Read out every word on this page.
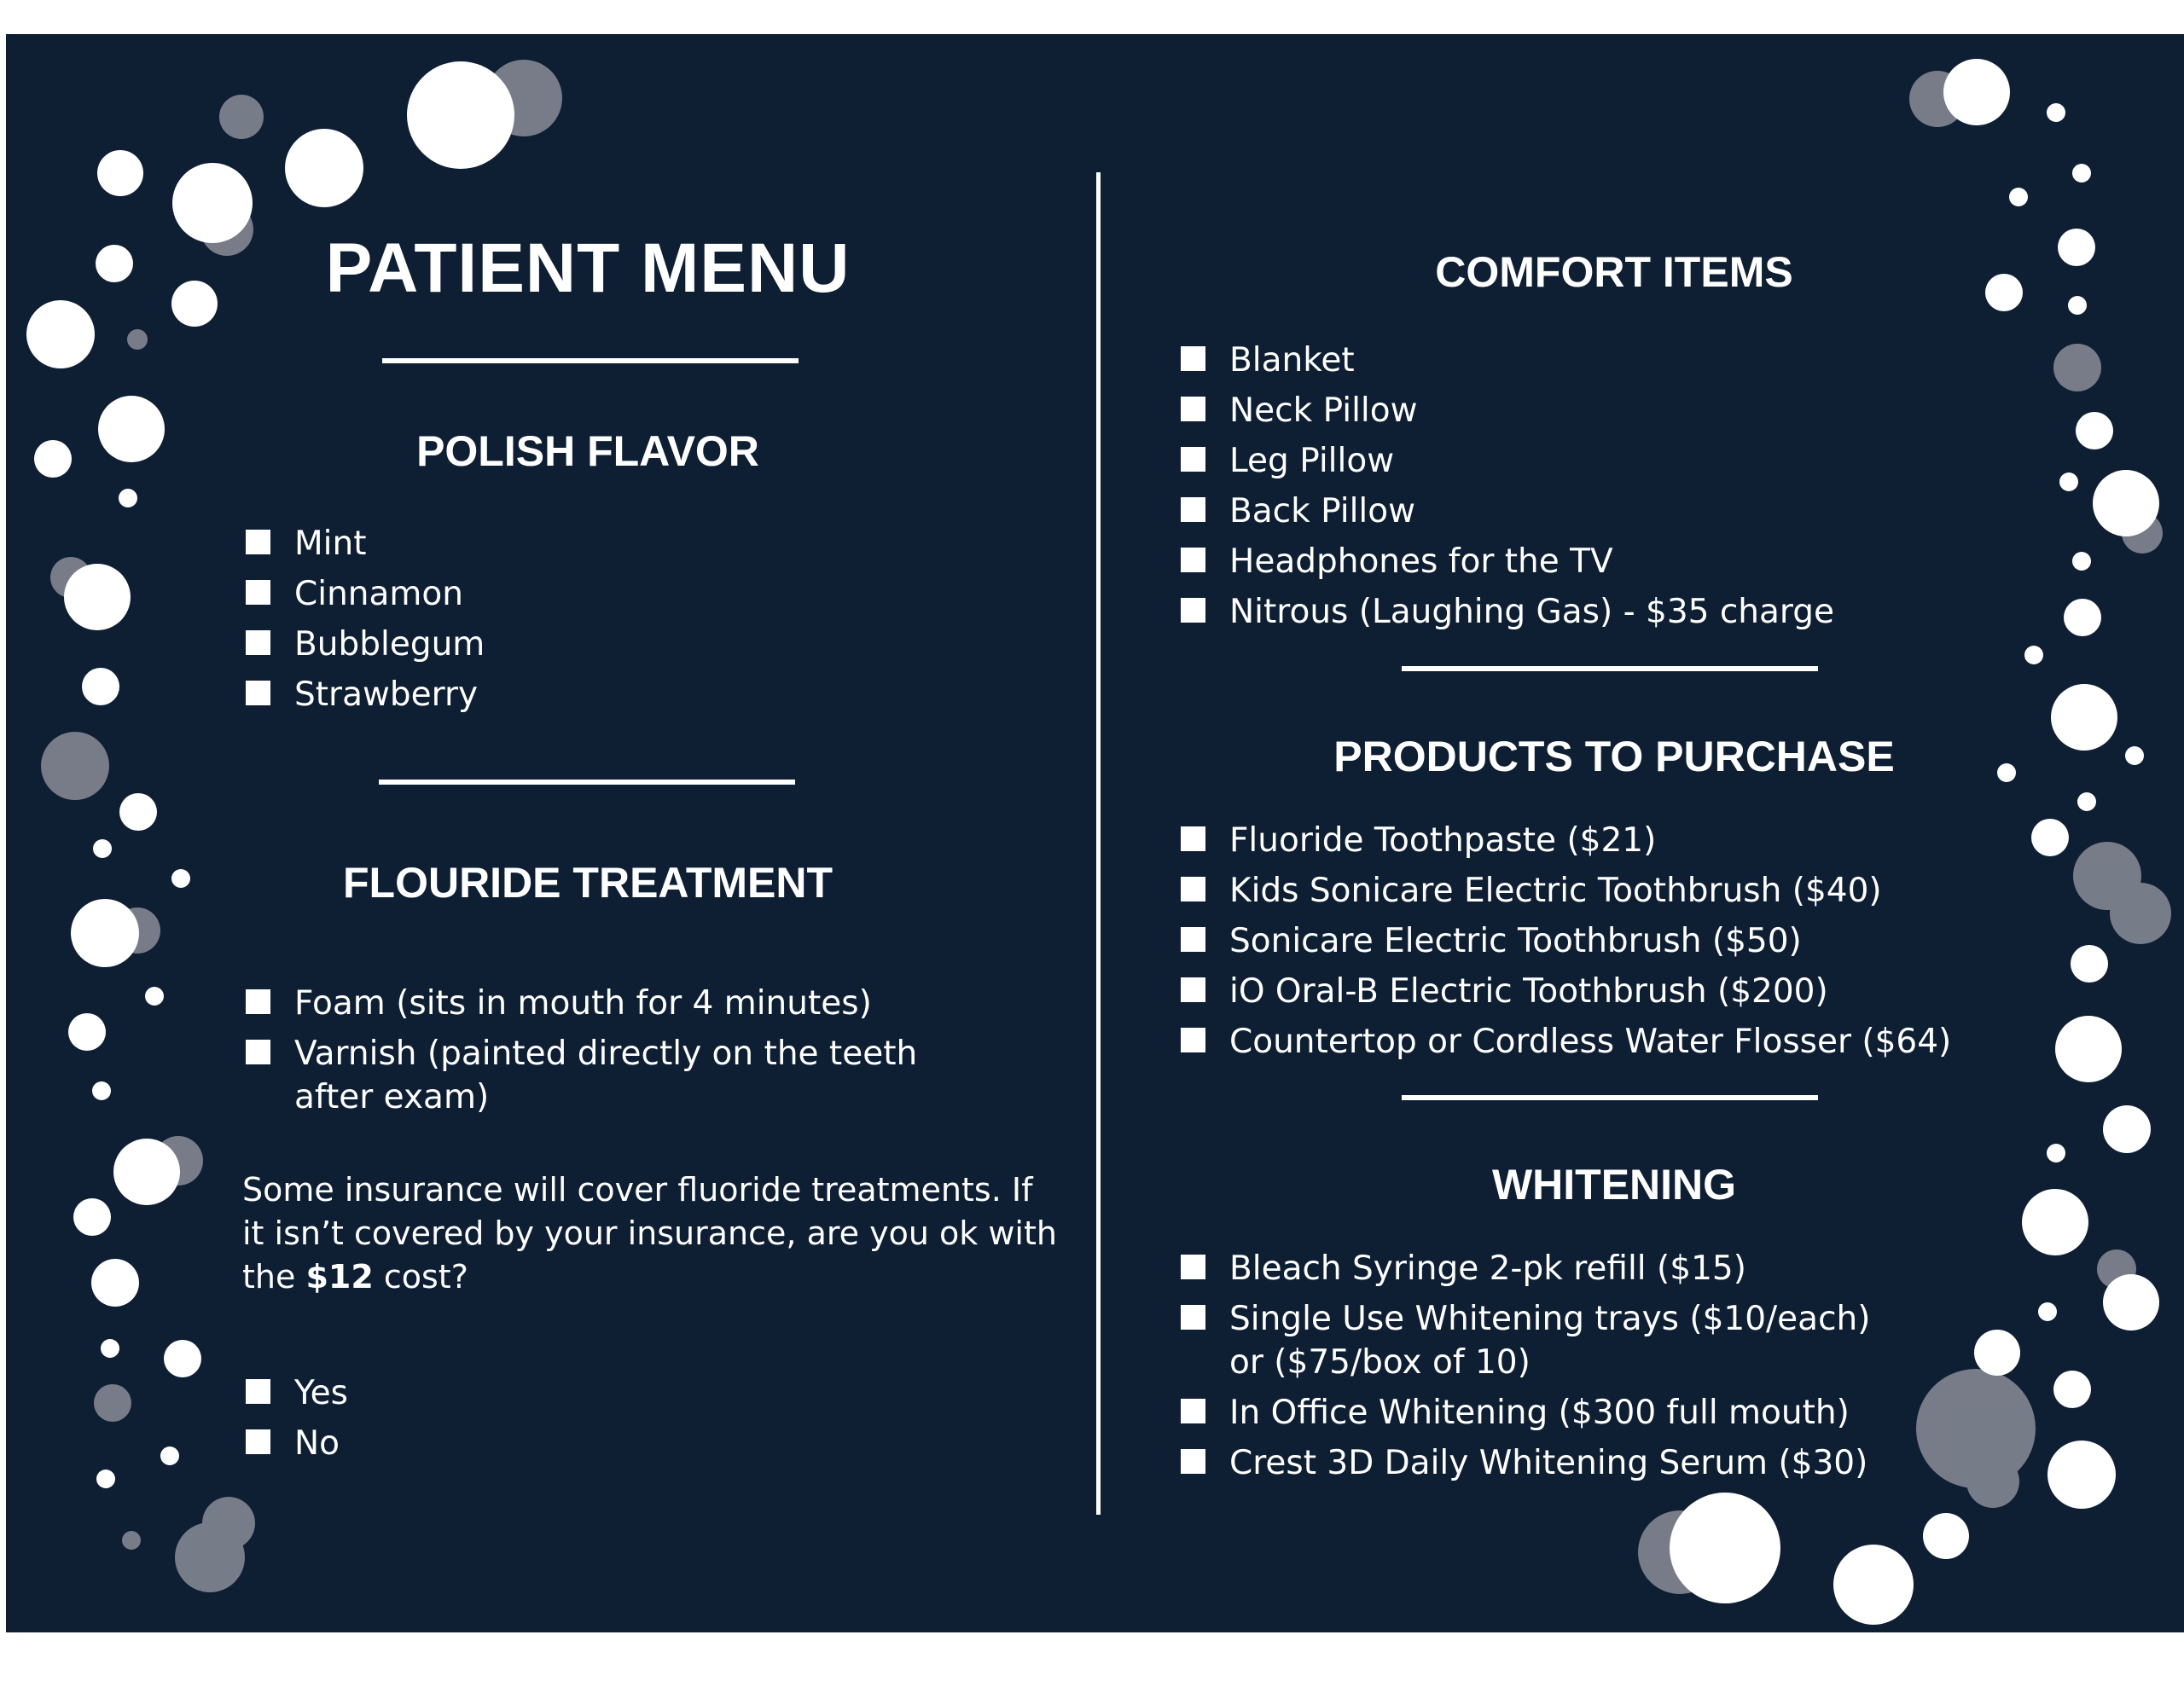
PATIENT MENU
POLISH FLAVOR
Mint
Cinnamon
Bubblegum
Strawberry
FLOURIDE TREATMENT
Foam (sits in mouth for 4 minutes)
Varnish (painted directly on the teeth after exam)

Some insurance will cover fluoride treatments. If it isn’t covered by your insurance, are you ok with the $12 cost?

Yes
No
COMFORT ITEMS
Blanket
Neck Pillow
Leg Pillow
Back Pillow
Headphones for the TV
Nitrous (Laughing Gas) - $35 charge
PRODUCTS TO PURCHASE
Fluoride Toothpaste ($21)
Kids Sonicare Electric Toothbrush ($40)
Sonicare Electric Toothbrush ($50)
iO Oral-B Electric Toothbrush ($200)
Countertop or Cordless Water Flosser ($64)
WHITENING
Bleach Syringe 2-pk refill ($15)
Single Use Whitening trays ($10/each) or ($75/box of 10)
In Office Whitening ($300 full mouth)
Crest 3D Daily Whitening Serum ($30)
